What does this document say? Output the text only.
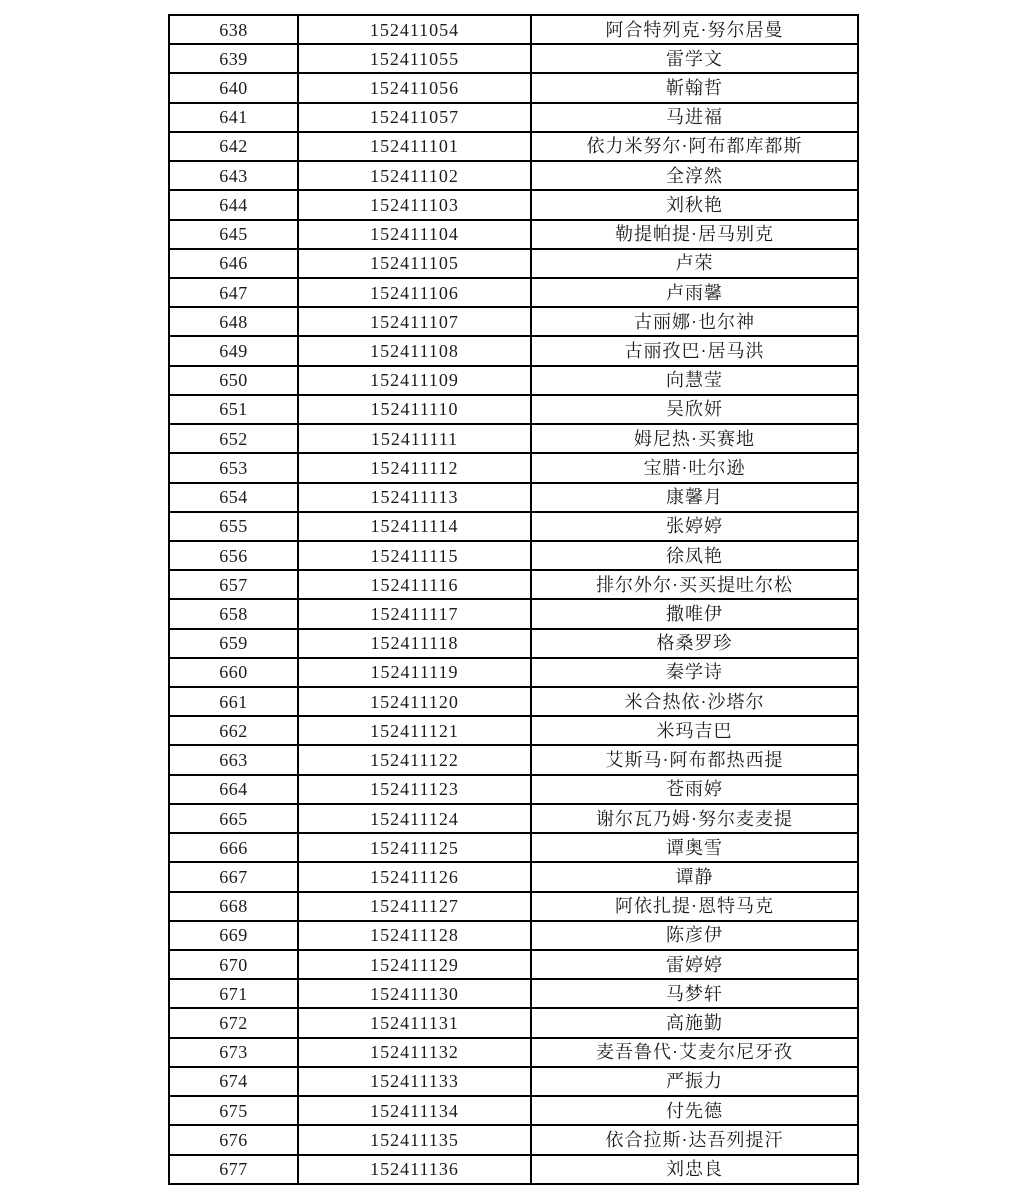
638	152411054	阿合特列克·努尔居曼
639	152411055	雷学文
640	152411056	靳翰哲
641	152411057	马进福
642	152411101	依力米努尔·阿布都库都斯
643	152411102	全淳然
644	152411103	刘秋艳
645	152411104	勒提帕提·居马别克
646	152411105	卢荣
647	152411106	卢雨馨
648	152411107	古丽娜·也尔神
649	152411108	古丽孜巴·居马洪
650	152411109	向慧莹
651	152411110	吴欣妍
652	152411111	姆尼热·买赛地
653	152411112	宝腊·吐尔逊
654	152411113	康馨月
655	152411114	张婷婷
656	152411115	徐凤艳
657	152411116	排尔外尔·买买提吐尔松
658	152411117	撒唯伊
659	152411118	格桑罗珍
660	152411119	秦学诗
661	152411120	米合热依·沙塔尔
662	152411121	米玛吉巴
663	152411122	艾斯马·阿布都热西提
664	152411123	苍雨婷
665	152411124	谢尔瓦乃姆·努尔麦麦提
666	152411125	谭奥雪
667	152411126	谭静
668	152411127	阿依扎提·恩特马克
669	152411128	陈彦伊
670	152411129	雷婷婷
671	152411130	马梦轩
672	152411131	高施勤
673	152411132	麦吾鲁代·艾麦尔尼牙孜
674	152411133	严振力
675	152411134	付先德
676	152411135	依合拉斯·达吾列提汗
677	152411136	刘忠良
